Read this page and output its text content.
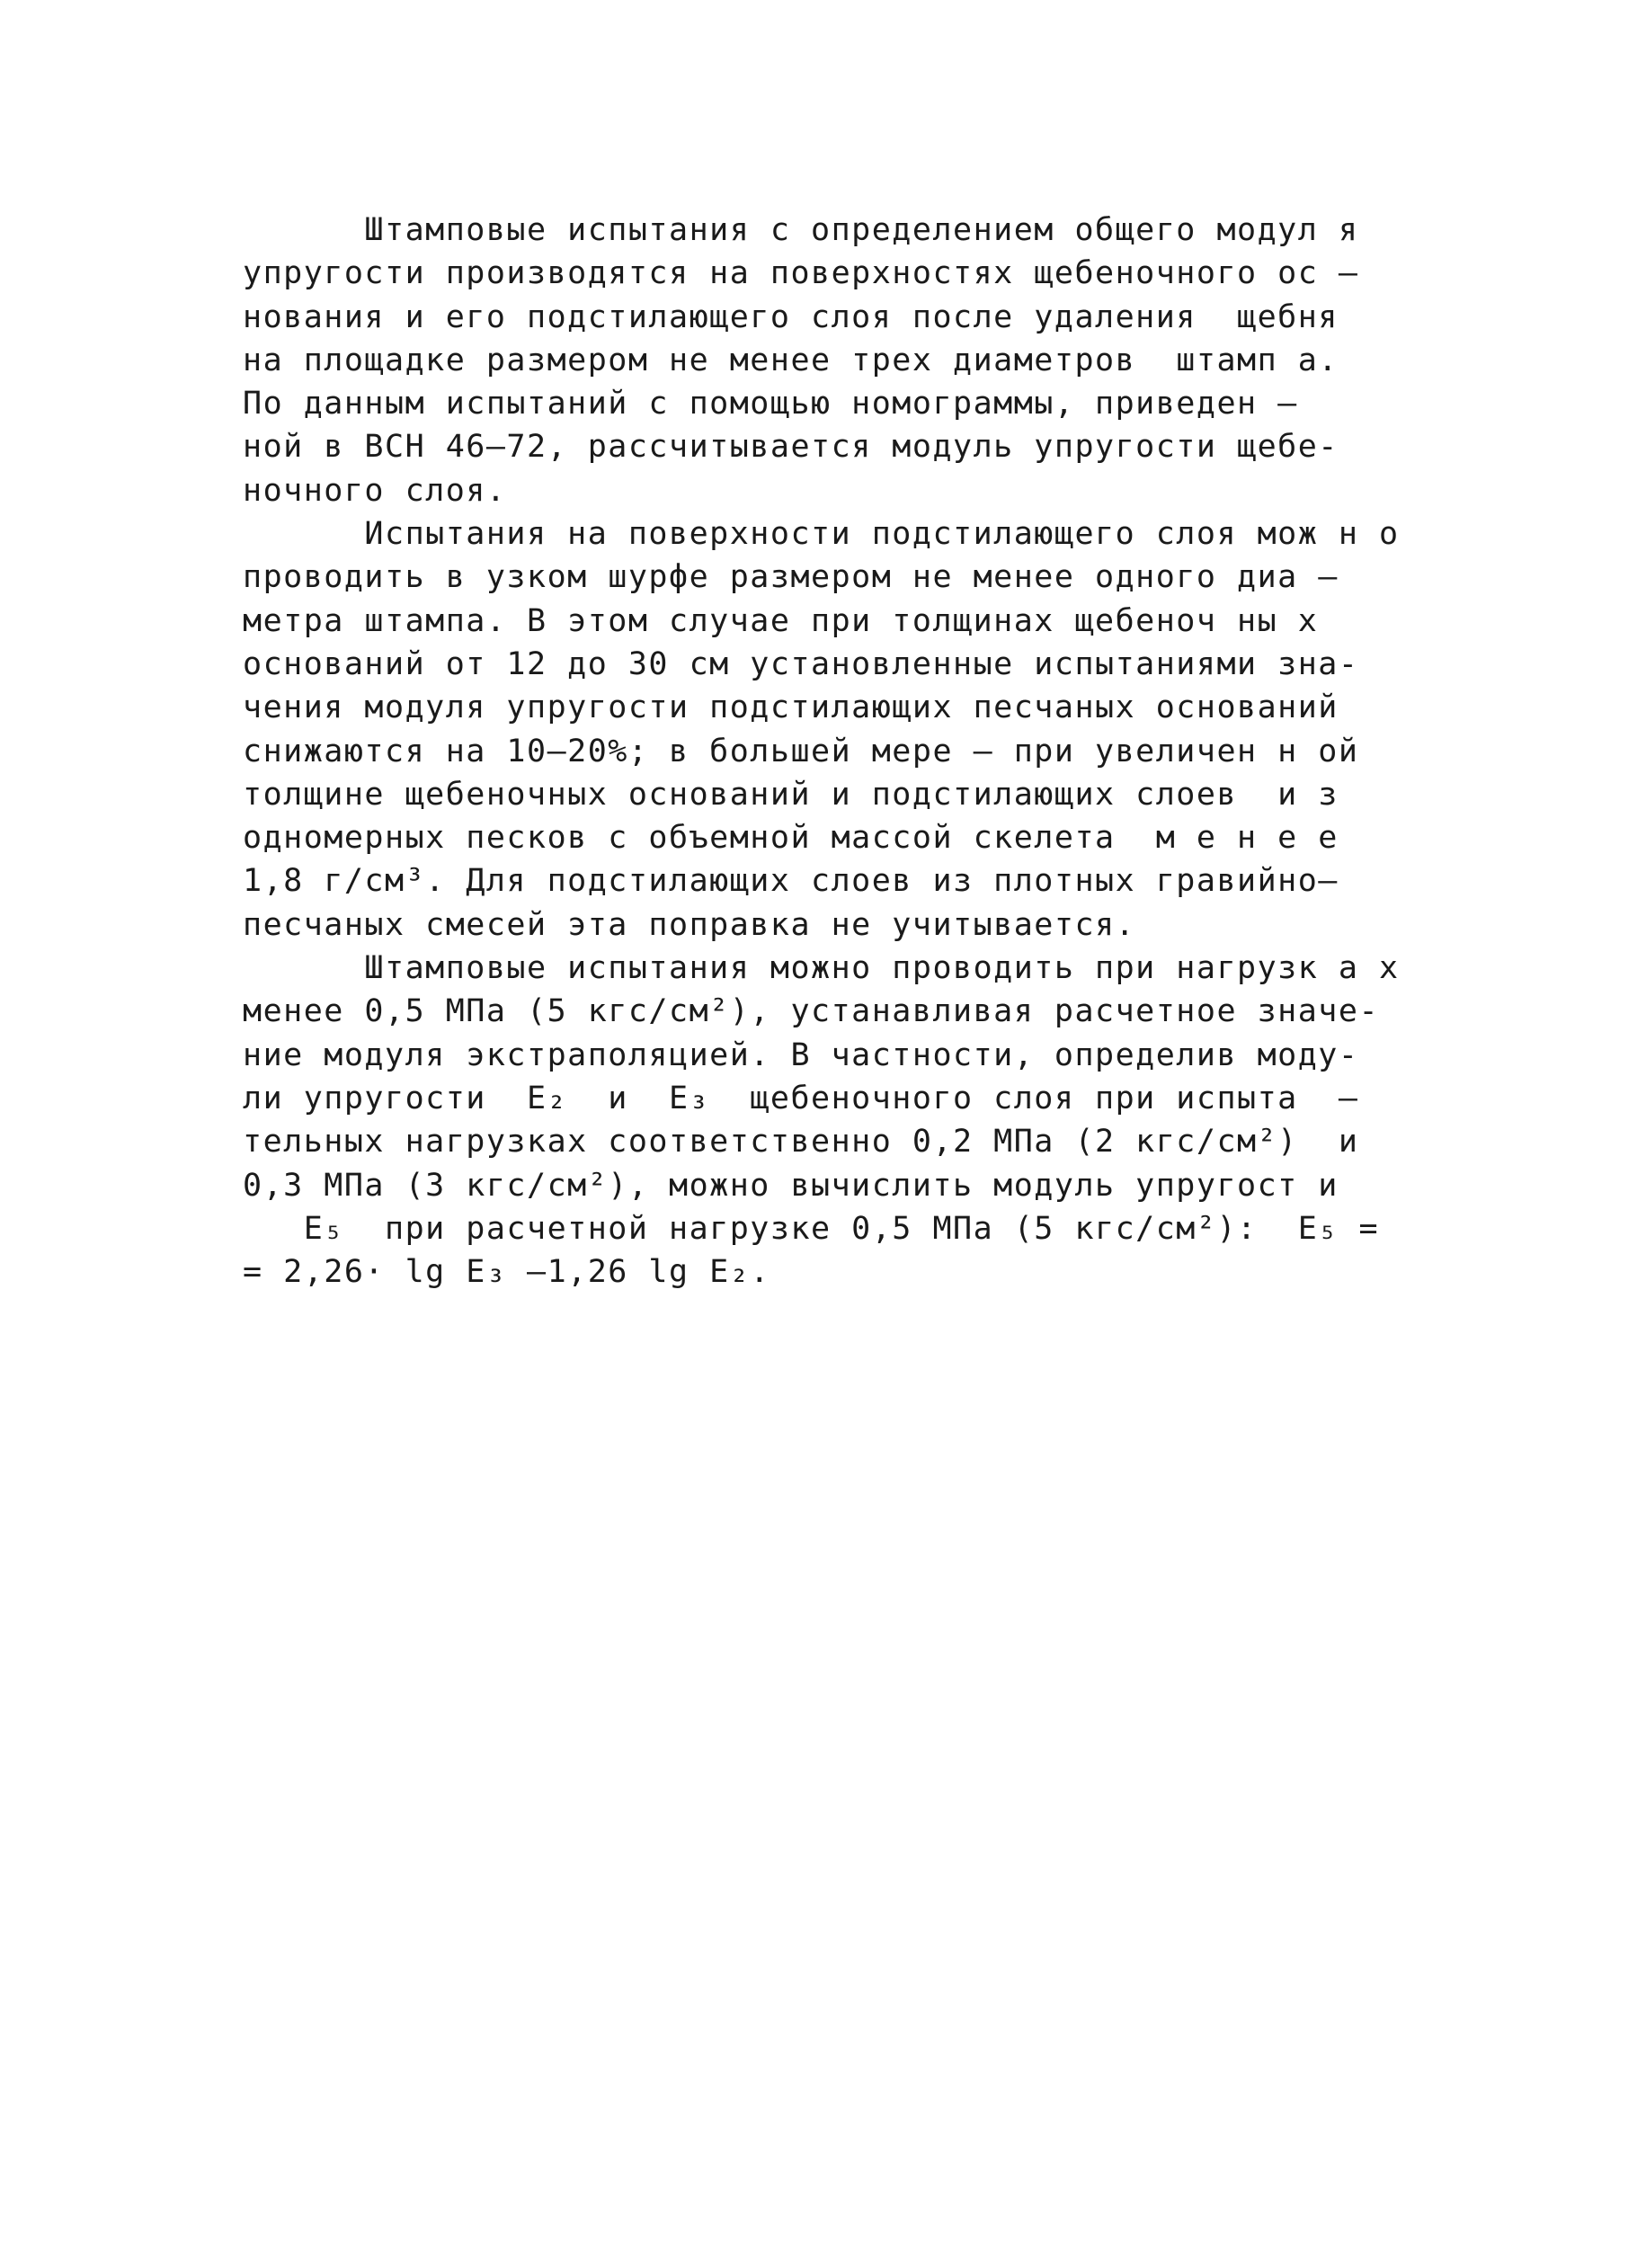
Штамповые испытания с определением общего модул я
упругости производятся на поверхностях щебеночного ос –
нования и его подстилающего слоя после удаления  щебня
на площадке размером не менее трех диаметров  штамп а.
По данным испытаний с помощью номограммы, приведен –
ной в ВСН 46–72, рассчитывается модуль упругости щебе-
ночного слоя.
Испытания на поверхности подстилающего слоя мож н о
проводить в узком шурфе размером не менее одного диа –
метра штампа. В этом случае при толщинах щебеноч ны х
оснований от 12 до 30 см установленные испытаниями зна-
чения модуля упругости подстилающих песчаных оснований
снижаются на 10–20%; в большей мере – при увеличен н ой
толщине щебеночных оснований и подстилающих слоев  и з
одномерных песков с объемной массой скелета  м е н е е
1,8 г/см³. Для подстилающих слоев из плотных гравийно–
песчаных смесей эта поправка не учитывается.
Штамповые испытания можно проводить при нагрузк а х
менее 0,5 МПа (5 кгс/см²), устанавливая расчетное значе-
ние модуля экстраполяцией. В частности, определив моду-
ли упругости  E₂  и  E₃  щебеночного слоя при испыта  –
тельных нагрузках соответственно 0,2 МПа (2 кгс/см²)  и
0,3 МПа (3 кгс/см²), можно вычислить модуль упругост и
E₅  при расчетной нагрузке 0,5 МПа (5 кгс/см²):  E₅ =
= 2,26· lg E₃ –1,26 lg E₂.
